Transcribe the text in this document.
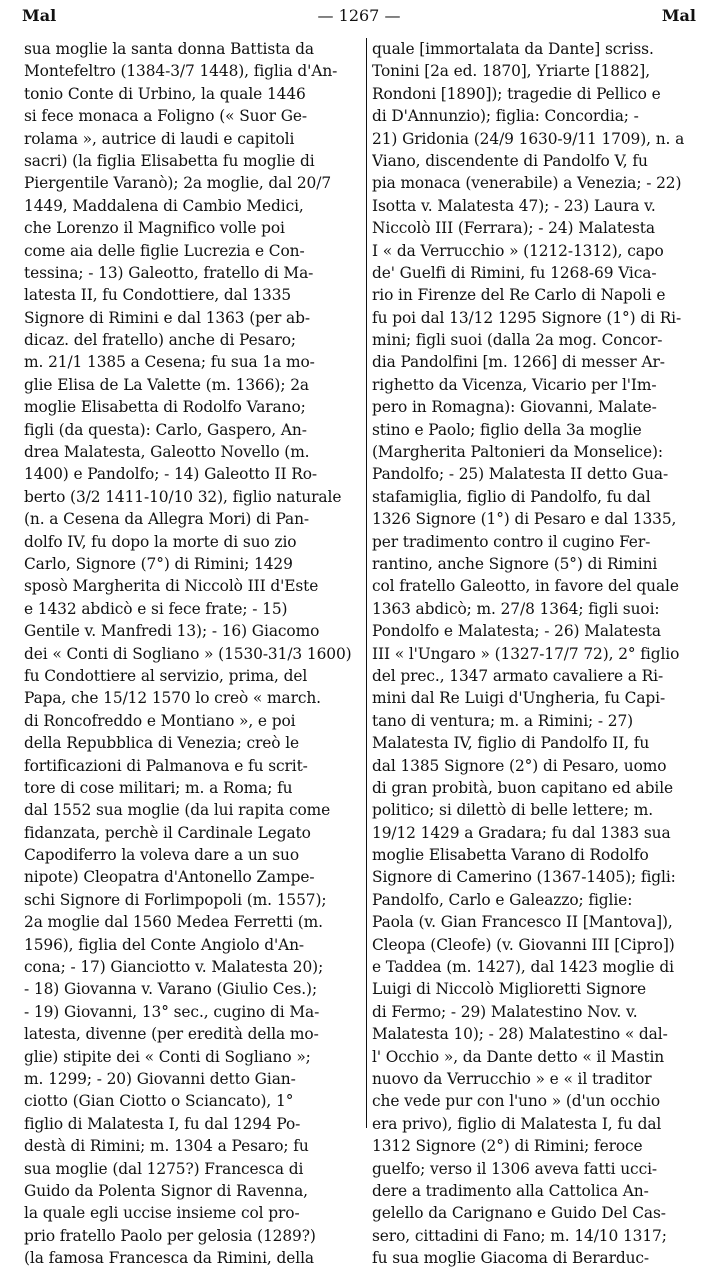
Mal	— 1267 —	Mal
sua moglie la santa donna Battista da
Montefeltro (1384-3/7 1448), figlia d'An-
tonio Conte di Urbino, la quale 1446
si fece monaca a Foligno (« Suor Ge-
rolama », autrice di laudi e capitoli
sacri) (la figlia Elisabetta fu moglie di
Piergentile Varanò); 2a moglie, dal 20/7
1449, Maddalena di Cambio Medici,
che Lorenzo il Magnifico volle poi
come aia delle figlie Lucrezia e Con-
tessina; - 13) Galeotto, fratello di Ma-
latesta II, fu Condottiere, dal 1335
Signore di Rimini e dal 1363 (per ab-
dicaz. del fratello) anche di Pesaro;
m. 21/1 1385 a Cesena; fu sua 1a mo-
glie Elisa de La Valette (m. 1366); 2a
moglie Elisabetta di Rodolfo Varano;
figli (da questa): Carlo, Gaspero, An-
drea Malatesta, Galeotto Novello (m.
1400) e Pandolfo; - 14) Galeotto II Ro-
berto (3/2 1411-10/10 32), figlio naturale
(n. a Cesena da Allegra Mori) di Pan-
dolfo IV, fu dopo la morte di suo zio
Carlo, Signore (7°) di Rimini; 1429
sposò Margherita di Niccolò III d'Este
e 1432 abdicò e si fece frate; - 15)
Gentile v. Manfredi 13); - 16) Giacomo
dei « Conti di Sogliano » (1530-31/3 1600)
fu Condottiere al servizio, prima, del
Papa, che 15/12 1570 lo creò « march.
di Roncofreddo e Montiano », e poi
della Repubblica di Venezia; creò le
fortificazioni di Palmanova e fu scrit-
tore di cose militari; m. a Roma; fu
dal 1552 sua moglie (da lui rapita come
fidanzata, perchè il Cardinale Legato
Capodiferro la voleva dare a un suo
nipote) Cleopatra d'Antonello Zampe-
schi Signore di Forlimpopoli (m. 1557);
2a moglie dal 1560 Medea Ferretti (m.
1596), figlia del Conte Angiolo d'An-
cona; - 17) Gianciotto v. Malatesta 20);
- 18) Giovanna v. Varano (Giulio Ces.);
- 19) Giovanni, 13° sec., cugino di Ma-
latesta, divenne (per eredità della mo-
glie) stipite dei « Conti di Sogliano »;
m. 1299; - 20) Giovanni detto Gian-
ciotto (Gian Ciotto o Sciancato), 1°
figlio di Malatesta I, fu dal 1294 Po-
destà di Rimini; m. 1304 a Pesaro; fu
sua moglie (dal 1275?) Francesca di
Guido da Polenta Signor di Ravenna,
la quale egli uccise insieme col pro-
prio fratello Paolo per gelosia (1289?)
(la famosa Francesca da Rimini, della
quale [immortalata da Dante] scriss.
Tonini [2a ed. 1870], Yriarte [1882],
Rondoni [1890]); tragedie di Pellico e
di D'Annunzio); figlia: Concordia; -
21) Gridonia (24/9 1630-9/11 1709), n. a
Viano, discendente di Pandolfo V, fu
pia monaca (venerabile) a Venezia; - 22)
Isotta v. Malatesta 47); - 23) Laura v.
Niccolò III (Ferrara); - 24) Malatesta
I « da Verrucchio » (1212-1312), capo
de' Guelfi di Rimini, fu 1268-69 Vica-
rio in Firenze del Re Carlo di Napoli e
fu poi dal 13/12 1295 Signore (1°) di Ri-
mini; figli suoi (dalla 2a mog. Concor-
dia Pandolfini [m. 1266] di messer Ar-
righetto da Vicenza, Vicario per l'Im-
pero in Romagna): Giovanni, Malate-
stino e Paolo; figlio della 3a moglie
(Margherita Paltonieri da Monselice):
Pandolfo; - 25) Malatesta II detto Gua-
stafamiglia, figlio di Pandolfo, fu dal
1326 Signore (1°) di Pesaro e dal 1335,
per tradimento contro il cugino Fer-
rantino, anche Signore (5°) di Rimini
col fratello Galeotto, in favore del quale
1363 abdicò; m. 27/8 1364; figli suoi:
Pondolfo e Malatesta; - 26) Malatesta
III « l'Ungaro » (1327-17/7 72), 2° figlio
del prec., 1347 armato cavaliere a Ri-
mini dal Re Luigi d'Ungheria, fu Capi-
tano di ventura; m. a Rimini; - 27)
Malatesta IV, figlio di Pandolfo II, fu
dal 1385 Signore (2°) di Pesaro, uomo
di gran probità, buon capitano ed abile
politico; si dilettò di belle lettere; m.
19/12 1429 a Gradara; fu dal 1383 sua
moglie Elisabetta Varano di Rodolfo
Signore di Camerino (1367-1405); figli:
Pandolfo, Carlo e Galeazzo; figlie:
Paola (v. Gian Francesco II [Mantova]),
Cleopa (Cleofe) (v. Giovanni III [Cipro])
e Taddea (m. 1427), dal 1423 moglie di
Luigi di Niccolò Miglioretti Signore
di Fermo; - 29) Malatestino Nov. v.
Malatesta 10); - 28) Malatestino « dal-
l' Occhio », da Dante detto « il Mastin
nuovo da Verrucchio » e « il traditor
che vede pur con l'uno » (d'un occhio
era privo), figlio di Malatesta I, fu dal
1312 Signore (2°) di Rimini; feroce
guelfo; verso il 1306 aveva fatti ucci-
dere a tradimento alla Cattolica An-
gelello da Carignano e Guido Del Cas-
sero, cittadini di Fano; m. 14/10 1317;
fu sua moglie Giacoma di Berarduc-
